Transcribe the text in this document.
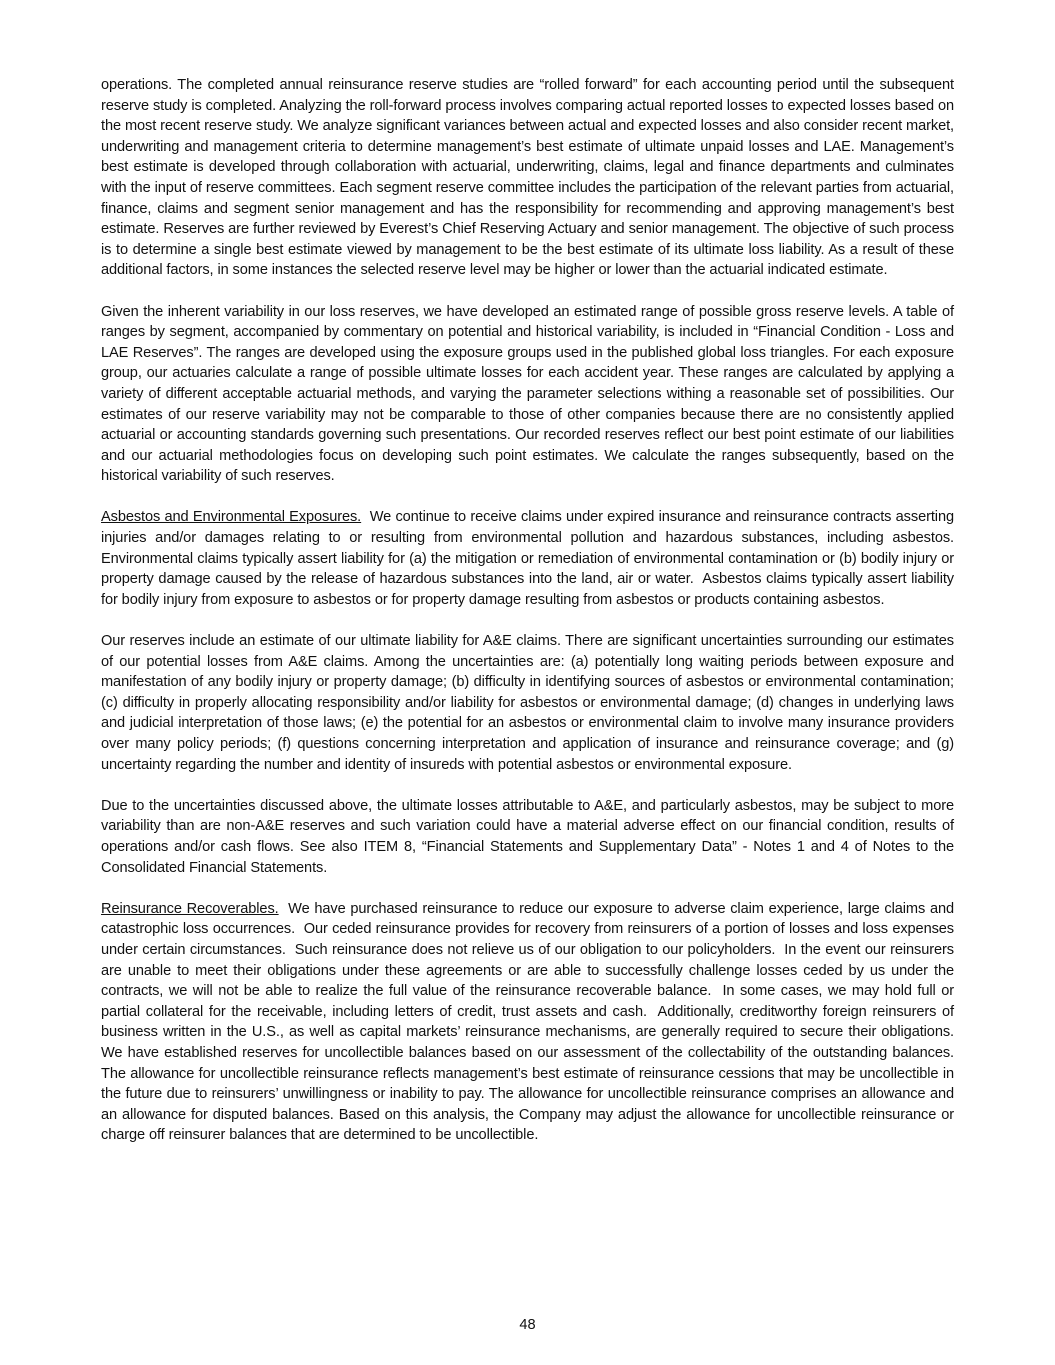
operations. The completed annual reinsurance reserve studies are “rolled forward” for each accounting period until the subsequent reserve study is completed. Analyzing the roll-forward process involves comparing actual reported losses to expected losses based on the most recent reserve study. We analyze significant variances between actual and expected losses and also consider recent market, underwriting and management criteria to determine management’s best estimate of ultimate unpaid losses and LAE. Management’s best estimate is developed through collaboration with actuarial, underwriting, claims, legal and finance departments and culminates with the input of reserve committees. Each segment reserve committee includes the participation of the relevant parties from actuarial, finance, claims and segment senior management and has the responsibility for recommending and approving management’s best estimate. Reserves are further reviewed by Everest’s Chief Reserving Actuary and senior management. The objective of such process is to determine a single best estimate viewed by management to be the best estimate of its ultimate loss liability. As a result of these additional factors, in some instances the selected reserve level may be higher or lower than the actuarial indicated estimate.

Given the inherent variability in our loss reserves, we have developed an estimated range of possible gross reserve levels. A table of ranges by segment, accompanied by commentary on potential and historical variability, is included in “Financial Condition - Loss and LAE Reserves”. The ranges are developed using the exposure groups used in the published global loss triangles. For each exposure group, our actuaries calculate a range of possible ultimate losses for each accident year. These ranges are calculated by applying a variety of different acceptable actuarial methods, and varying the parameter selections withing a reasonable set of possibilities. Our estimates of our reserve variability may not be comparable to those of other companies because there are no consistently applied actuarial or accounting standards governing such presentations. Our recorded reserves reflect our best point estimate of our liabilities and our actuarial methodologies focus on developing such point estimates. We calculate the ranges subsequently, based on the historical variability of such reserves.

Asbestos and Environmental Exposures.  We continue to receive claims under expired insurance and reinsurance contracts asserting injuries and/or damages relating to or resulting from environmental pollution and hazardous substances, including asbestos.  Environmental claims typically assert liability for (a) the mitigation or remediation of environmental contamination or (b) bodily injury or property damage caused by the release of hazardous substances into the land, air or water.  Asbestos claims typically assert liability for bodily injury from exposure to asbestos or for property damage resulting from asbestos or products containing asbestos.

Our reserves include an estimate of our ultimate liability for A&E claims. There are significant uncertainties surrounding our estimates of our potential losses from A&E claims. Among the uncertainties are: (a) potentially long waiting periods between exposure and manifestation of any bodily injury or property damage; (b) difficulty in identifying sources of asbestos or environmental contamination; (c) difficulty in properly allocating responsibility and/or liability for asbestos or environmental damage; (d) changes in underlying laws and judicial interpretation of those laws; (e) the potential for an asbestos or environmental claim to involve many insurance providers over many policy periods; (f) questions concerning interpretation and application of insurance and reinsurance coverage; and (g) uncertainty regarding the number and identity of insureds with potential asbestos or environmental exposure.

Due to the uncertainties discussed above, the ultimate losses attributable to A&E, and particularly asbestos, may be subject to more variability than are non-A&E reserves and such variation could have a material adverse effect on our financial condition, results of operations and/or cash flows. See also ITEM 8, “Financial Statements and Supplementary Data” - Notes 1 and 4 of Notes to the Consolidated Financial Statements.

Reinsurance Recoverables.  We have purchased reinsurance to reduce our exposure to adverse claim experience, large claims and catastrophic loss occurrences.  Our ceded reinsurance provides for recovery from reinsurers of a portion of losses and loss expenses under certain circumstances.  Such reinsurance does not relieve us of our obligation to our policyholders.  In the event our reinsurers are unable to meet their obligations under these agreements or are able to successfully challenge losses ceded by us under the contracts, we will not be able to realize the full value of the reinsurance recoverable balance.  In some cases, we may hold full or partial collateral for the receivable, including letters of credit, trust assets and cash.  Additionally, creditworthy foreign reinsurers of business written in the U.S., as well as capital markets’ reinsurance mechanisms, are generally required to secure their obligations.  We have established reserves for uncollectible balances based on our assessment of the collectability of the outstanding balances. The allowance for uncollectible reinsurance reflects management’s best estimate of reinsurance cessions that may be uncollectible in the future due to reinsurers’ unwillingness or inability to pay. The allowance for uncollectible reinsurance comprises an allowance and an allowance for disputed balances. Based on this analysis, the Company may adjust the allowance for uncollectible reinsurance or charge off reinsurer balances that are determined to be uncollectible.

48
